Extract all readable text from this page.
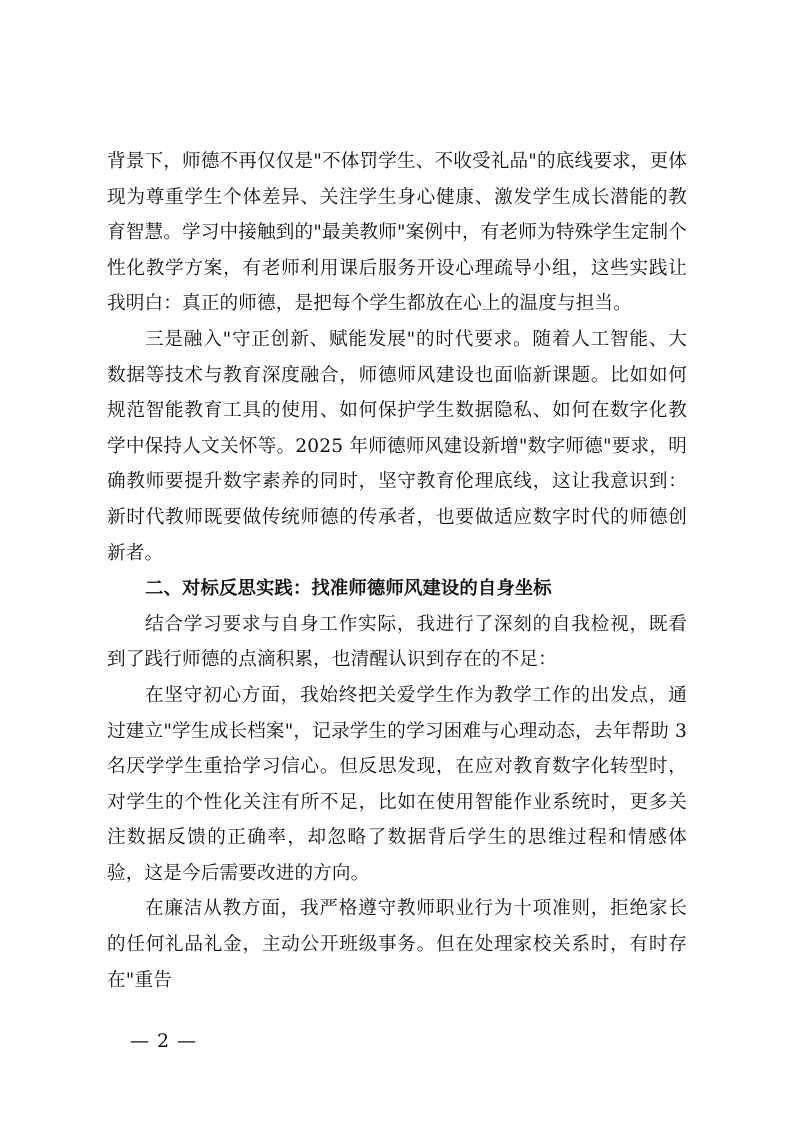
背景下，师德不再仅仅是"不体罚学生、不收受礼品"的底线要求，更体现为尊重学生个体差异、关注学生身心健康、激发学生成长潜能的教育智慧。学习中接触到的"最美教师"案例中，有老师为特殊学生定制个性化教学方案，有老师利用课后服务开设心理疏导小组，这些实践让我明白：真正的师德，是把每个学生都放在心上的温度与担当。

三是融入"守正创新、赋能发展"的时代要求。随着人工智能、大数据等技术与教育深度融合，师德师风建设也面临新课题。比如如何规范智能教育工具的使用、如何保护学生数据隐私、如何在数字化教学中保持人文关怀等。2025 年师德师风建设新增"数字师德"要求，明确教师要提升数字素养的同时，坚守教育伦理底线，这让我意识到：新时代教师既要做传统师德的传承者，也要做适应数字时代的师德创新者。

二、对标反思实践：找准师德师风建设的自身坐标

结合学习要求与自身工作实际，我进行了深刻的自我检视，既看到了践行师德的点滴积累，也清醒认识到存在的不足：

在坚守初心方面，我始终把关爱学生作为教学工作的出发点，通过建立"学生成长档案"，记录学生的学习困难与心理动态，去年帮助 3 名厌学学生重拾学习信心。但反思发现，在应对教育数字化转型时，对学生的个性化关注有所不足，比如在使用智能作业系统时，更多关注数据反馈的正确率，却忽略了数据背后学生的思维过程和情感体验，这是今后需要改进的方向。

在廉洁从教方面，我严格遵守教师职业行为十项准则，拒绝家长的任何礼品礼金，主动公开班级事务。但在处理家校关系时，有时存在"重告

— 2 —
